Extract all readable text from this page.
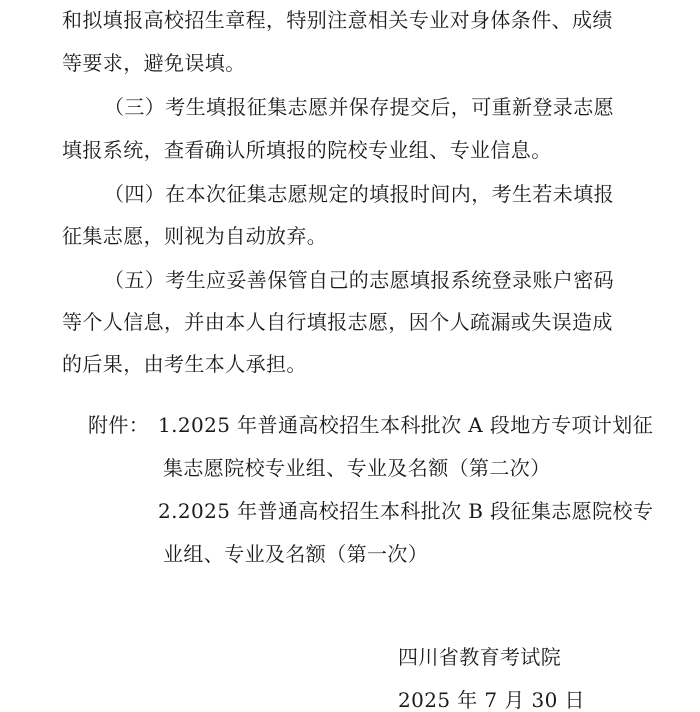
和拟填报高校招生章程，特别注意相关专业对身体条件、成绩
等要求，避免误填。
（三）考生填报征集志愿并保存提交后，可重新登录志愿
填报系统，查看确认所填报的院校专业组、专业信息。
（四）在本次征集志愿规定的填报时间内，考生若未填报
征集志愿，则视为自动放弃。
（五）考生应妥善保管自己的志愿填报系统登录账户密码
等个人信息，并由本人自行填报志愿，因个人疏漏或失误造成
的后果，由考生本人承担。
附件： 1.2025 年普通高校招生本科批次 A 段地方专项计划征
集志愿院校专业组、专业及名额（第二次）
2.2025 年普通高校招生本科批次 B 段征集志愿院校专
业组、专业及名额（第一次）
四川省教育考试院
2025 年 7 月 30 日
